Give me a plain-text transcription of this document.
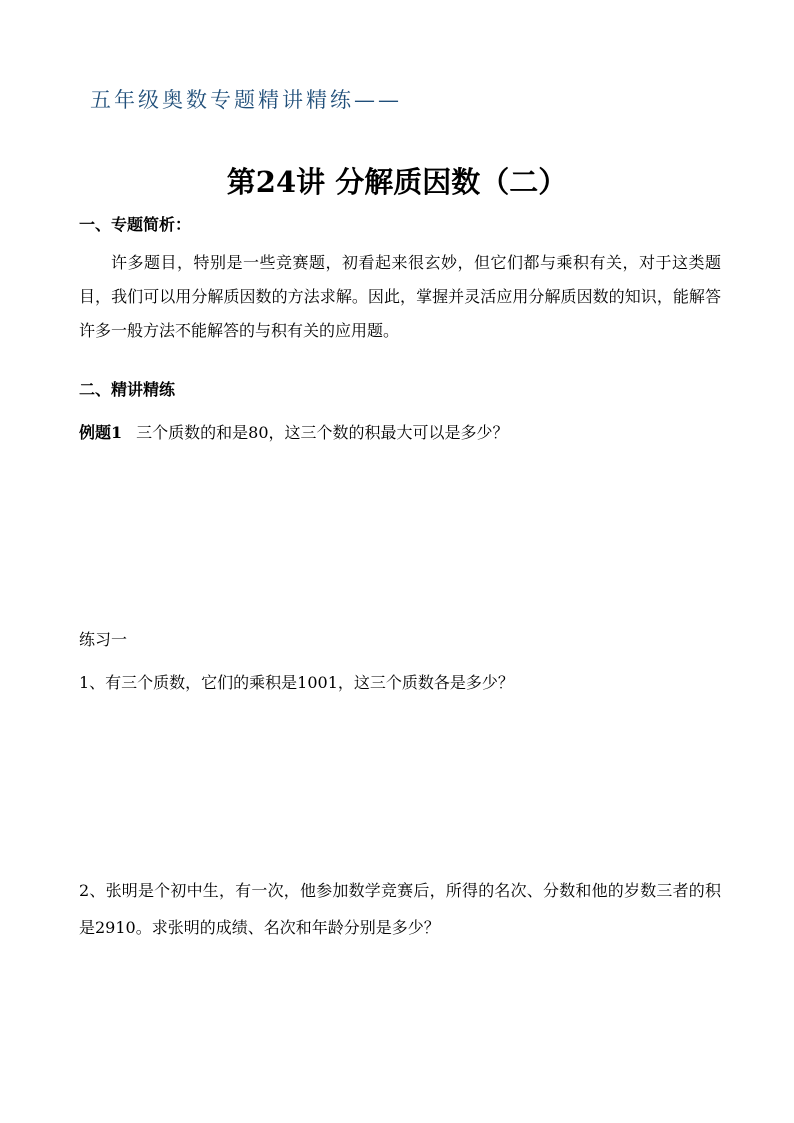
五年级奥数专题精讲精练——
第24讲 分解质因数（二）
一、专题简析：
许多题目，特别是一些竞赛题，初看起来很玄妙，但它们都与乘积有关，对于这类题目，我们可以用分解质因数的方法求解。因此，掌握并灵活应用分解质因数的知识，能解答许多一般方法不能解答的与积有关的应用题。
二、精讲精练
例题1 三个质数的和是80，这三个数的积最大可以是多少？
练习一
1、有三个质数，它们的乘积是1001，这三个质数各是多少？
2、张明是个初中生，有一次，他参加数学竞赛后，所得的名次、分数和他的岁数三者的积是2910。求张明的成绩、名次和年龄分别是多少？
